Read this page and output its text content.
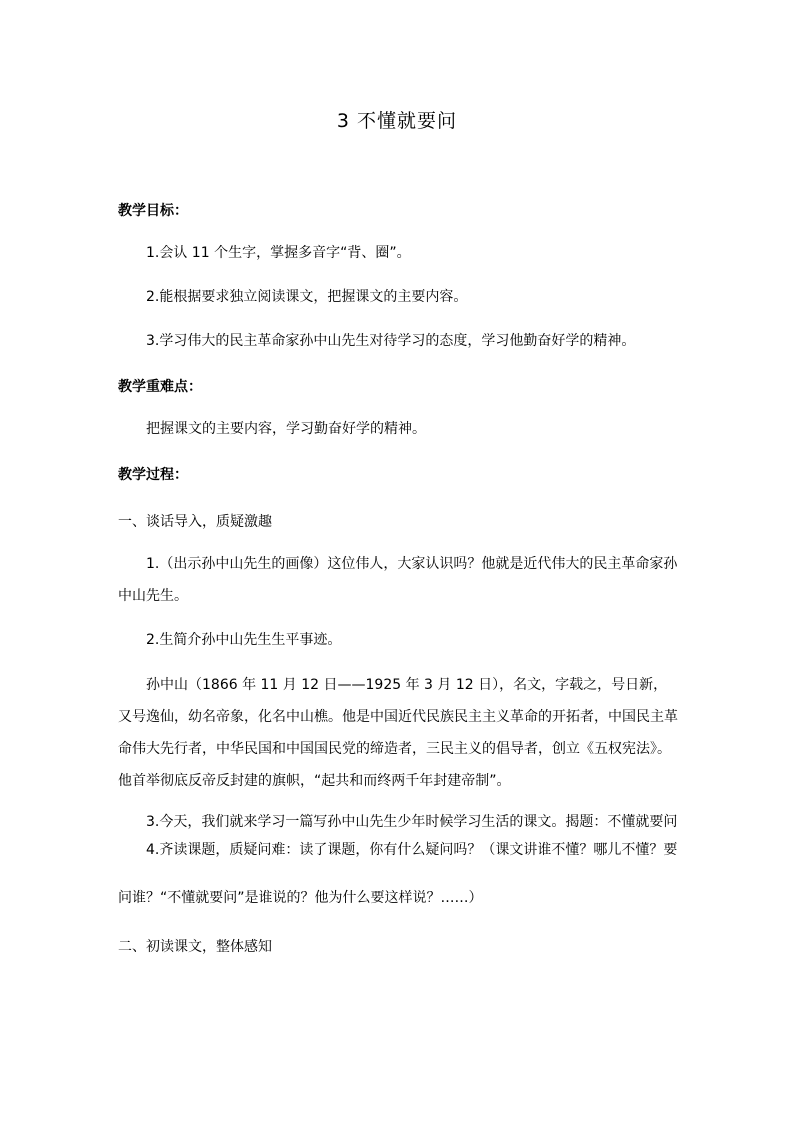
3 不懂就要问
教学目标：
1.会认 11 个生字，掌握多音字“背、圈”。
2.能根据要求独立阅读课文，把握课文的主要内容。
3.学习伟大的民主革命家孙中山先生对待学习的态度，学习他勤奋好学的精神。
教学重难点：
把握课文的主要内容，学习勤奋好学的精神。
教学过程：
一、谈话导入，质疑激趣
1.（出示孙中山先生的画像）这位伟人，大家认识吗？他就是近代伟大的民主革命家孙中山先生。
2.生简介孙中山先生生平事迹。
孙中山（1866 年 11 月 12 日——1925 年 3 月 12 日），名文，字载之，号日新，又号逸仙，幼名帝象，化名中山樵。他是中国近代民族民主主义革命的开拓者，中国民主革命伟大先行者，中华民国和中国国民党的缔造者，三民主义的倡导者，创立《五权宪法》。他首举彻底反帝反封建的旗帜，“起共和而终两千年封建帝制”。
3.今天，我们就来学习一篇写孙中山先生少年时候学习生活的课文。揭题：不懂就要问
4.齐读课题，质疑问难：读了课题，你有什么疑问吗？（课文讲谁不懂？哪儿不懂？要
问谁？“不懂就要问”是谁说的？他为什么要这样说？……）
二、初读课文，整体感知
